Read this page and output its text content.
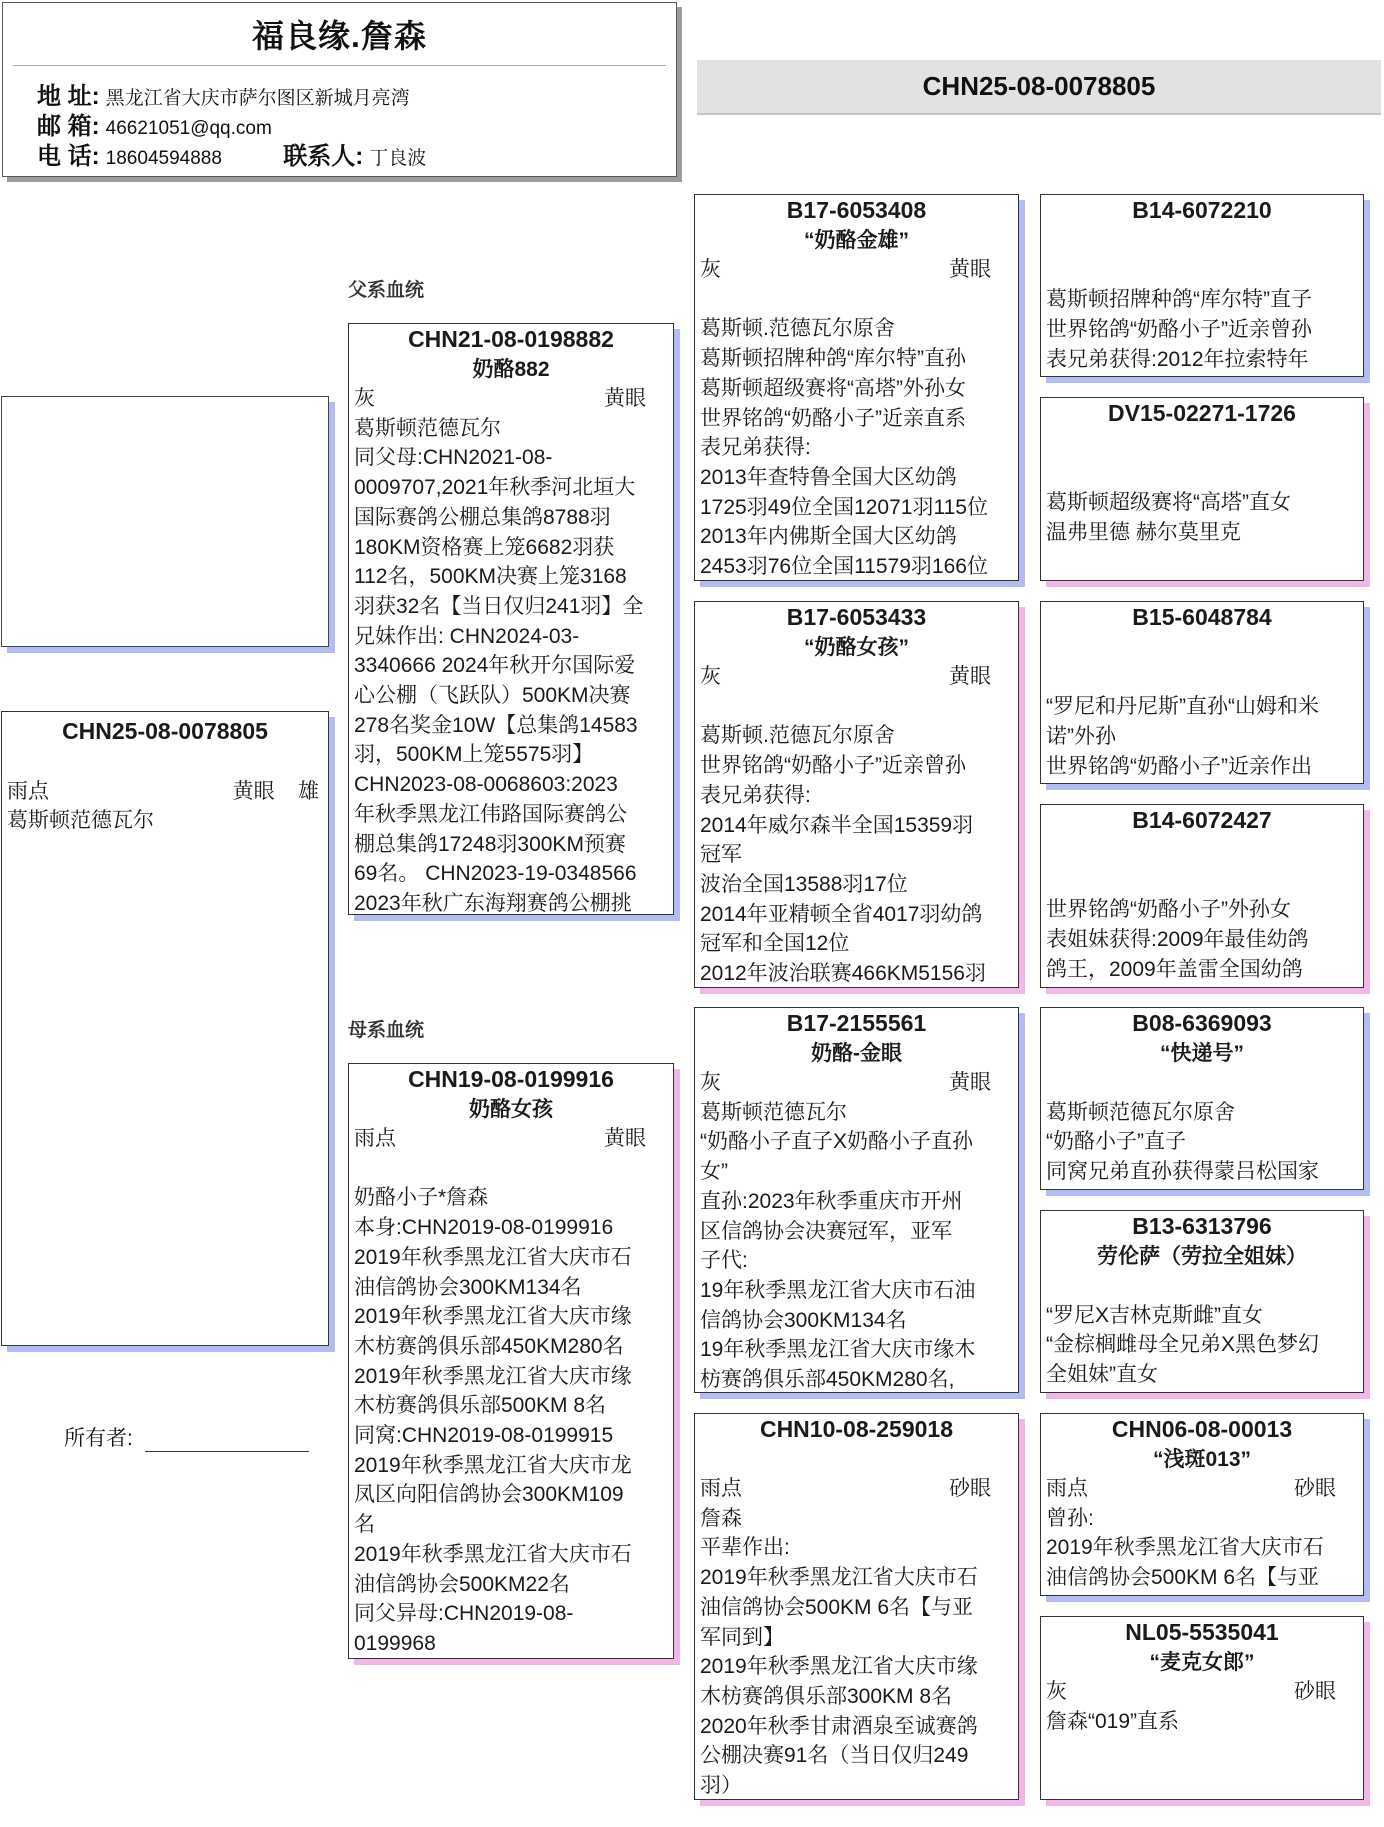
福良缘.詹森
地 址: 黑龙江省大庆市萨尔图区新城月亮湾
邮 箱: 46621051@qq.com
电 话: 18604594888	联系人: 丁良波
CHN25-08-0078805
父系血统
母系血统
CHN25-08-0078805
雨点	黄眼 雄

葛斯顿范德瓦尔

所有者:
CHN21-08-0198882
奶酪882
灰	黄眼

葛斯顿范德瓦尔

同父母:CHN2021-08-

0009707,2021年秋季河北垣大

国际赛鸽公棚总集鸽8788羽

180KM资格赛上笼6682羽获

112名，500KM决赛上笼3168

羽获32名【当日仅归241羽】全

兄妹作出: CHN2024-03-

3340666 2024年秋开尔国际爱

心公棚（飞跃队）500KM决赛

278名奖金10W【总集鸽14583

羽，500KM上笼5575羽】

CHN2023-08-0068603:2023

年秋季黑龙江伟路国际赛鸽公

棚总集鸽17248羽300KM预赛

69名。 CHN2023-19-0348566

2023年秋广东海翔赛鸽公棚挑

CHN19-08-0199916
奶酪女孩
雨点	黄眼

奶酪小子*詹森

本身:CHN2019-08-0199916

2019年秋季黑龙江省大庆市石

油信鸽协会300KM134名

2019年秋季黑龙江省大庆市缘

木枋赛鸽俱乐部450KM280名

2019年秋季黑龙江省大庆市缘

木枋赛鸽俱乐部500KM 8名

同窝:CHN2019-08-0199915

2019年秋季黑龙江省大庆市龙

凤区向阳信鸽协会300KM109

名

2019年秋季黑龙江省大庆市石

油信鸽协会500KM22名

同父异母:CHN2019-08-

0199968

B17-6053408
“奶酪金雄”
灰	黄眼

葛斯顿.范德瓦尔原舍

葛斯顿招牌种鸽“库尔特”直孙

葛斯顿超级赛将“高塔”外孙女

世界铭鸽“奶酪小子”近亲直系

表兄弟获得:

2013年查特鲁全国大区幼鸽

1725羽49位全国12071羽115位

2013年内佛斯全国大区幼鸽

2453羽76位全国11579羽166位

B17-6053433
“奶酪女孩”
灰	黄眼

葛斯顿.范德瓦尔原舍

世界铭鸽“奶酪小子”近亲曾孙

表兄弟获得:

2014年威尔森半全国15359羽

冠军

波治全国13588羽17位

2014年亚精顿全省4017羽幼鸽

冠军和全国12位

2012年波治联赛466KM5156羽

B17-2155561
奶酪-金眼
灰	黄眼

葛斯顿范德瓦尔

“奶酪小子直子X奶酪小子直孙

女”

直孙:2023年秋季重庆市开州

区信鸽协会决赛冠军，亚军

子代:

19年秋季黑龙江省大庆市石油

信鸽协会300KM134名

19年秋季黑龙江省大庆市缘木

枋赛鸽俱乐部450KM280名,

CHN10-08-259018
雨点	砂眼

詹森

平辈作出:

2019年秋季黑龙江省大庆市石

油信鸽协会500KM 6名【与亚

军同到】

2019年秋季黑龙江省大庆市缘

木枋赛鸽俱乐部300KM 8名

2020年秋季甘肃酒泉至诚赛鸽

公棚决赛91名（当日仅归249

羽）

B14-6072210

葛斯顿招牌种鸽“库尔特”直子

世界铭鸽“奶酪小子”近亲曾孙

表兄弟获得:2012年拉索特年

DV15-02271-1726

葛斯顿超级赛将“高塔”直女

温弗里德 赫尔莫里克

B15-6048784

“罗尼和丹尼斯”直孙“山姆和米

诺”外孙

世界铭鸽“奶酪小子”近亲作出

B14-6072427

世界铭鸽“奶酪小子”外孙女

表姐妹获得:2009年最佳幼鸽

鸽王，2009年盖雷全国幼鸽

B08-6369093
“快递号”

葛斯顿范德瓦尔原舍

“奶酪小子”直子

同窝兄弟直孙获得蒙吕松国家

B13-6313796
劳伦萨（劳拉全姐妹）

“罗尼X吉林克斯雌”直女

“金棕榈雌母全兄弟X黑色梦幻

全姐妹”直女

CHN06-08-00013
“浅斑013”
雨点	砂眼

曾孙:

2019年秋季黑龙江省大庆市石

油信鸽协会500KM 6名【与亚

NL05-5535041
“麦克女郎”
灰	砂眼

詹森“019”直系
